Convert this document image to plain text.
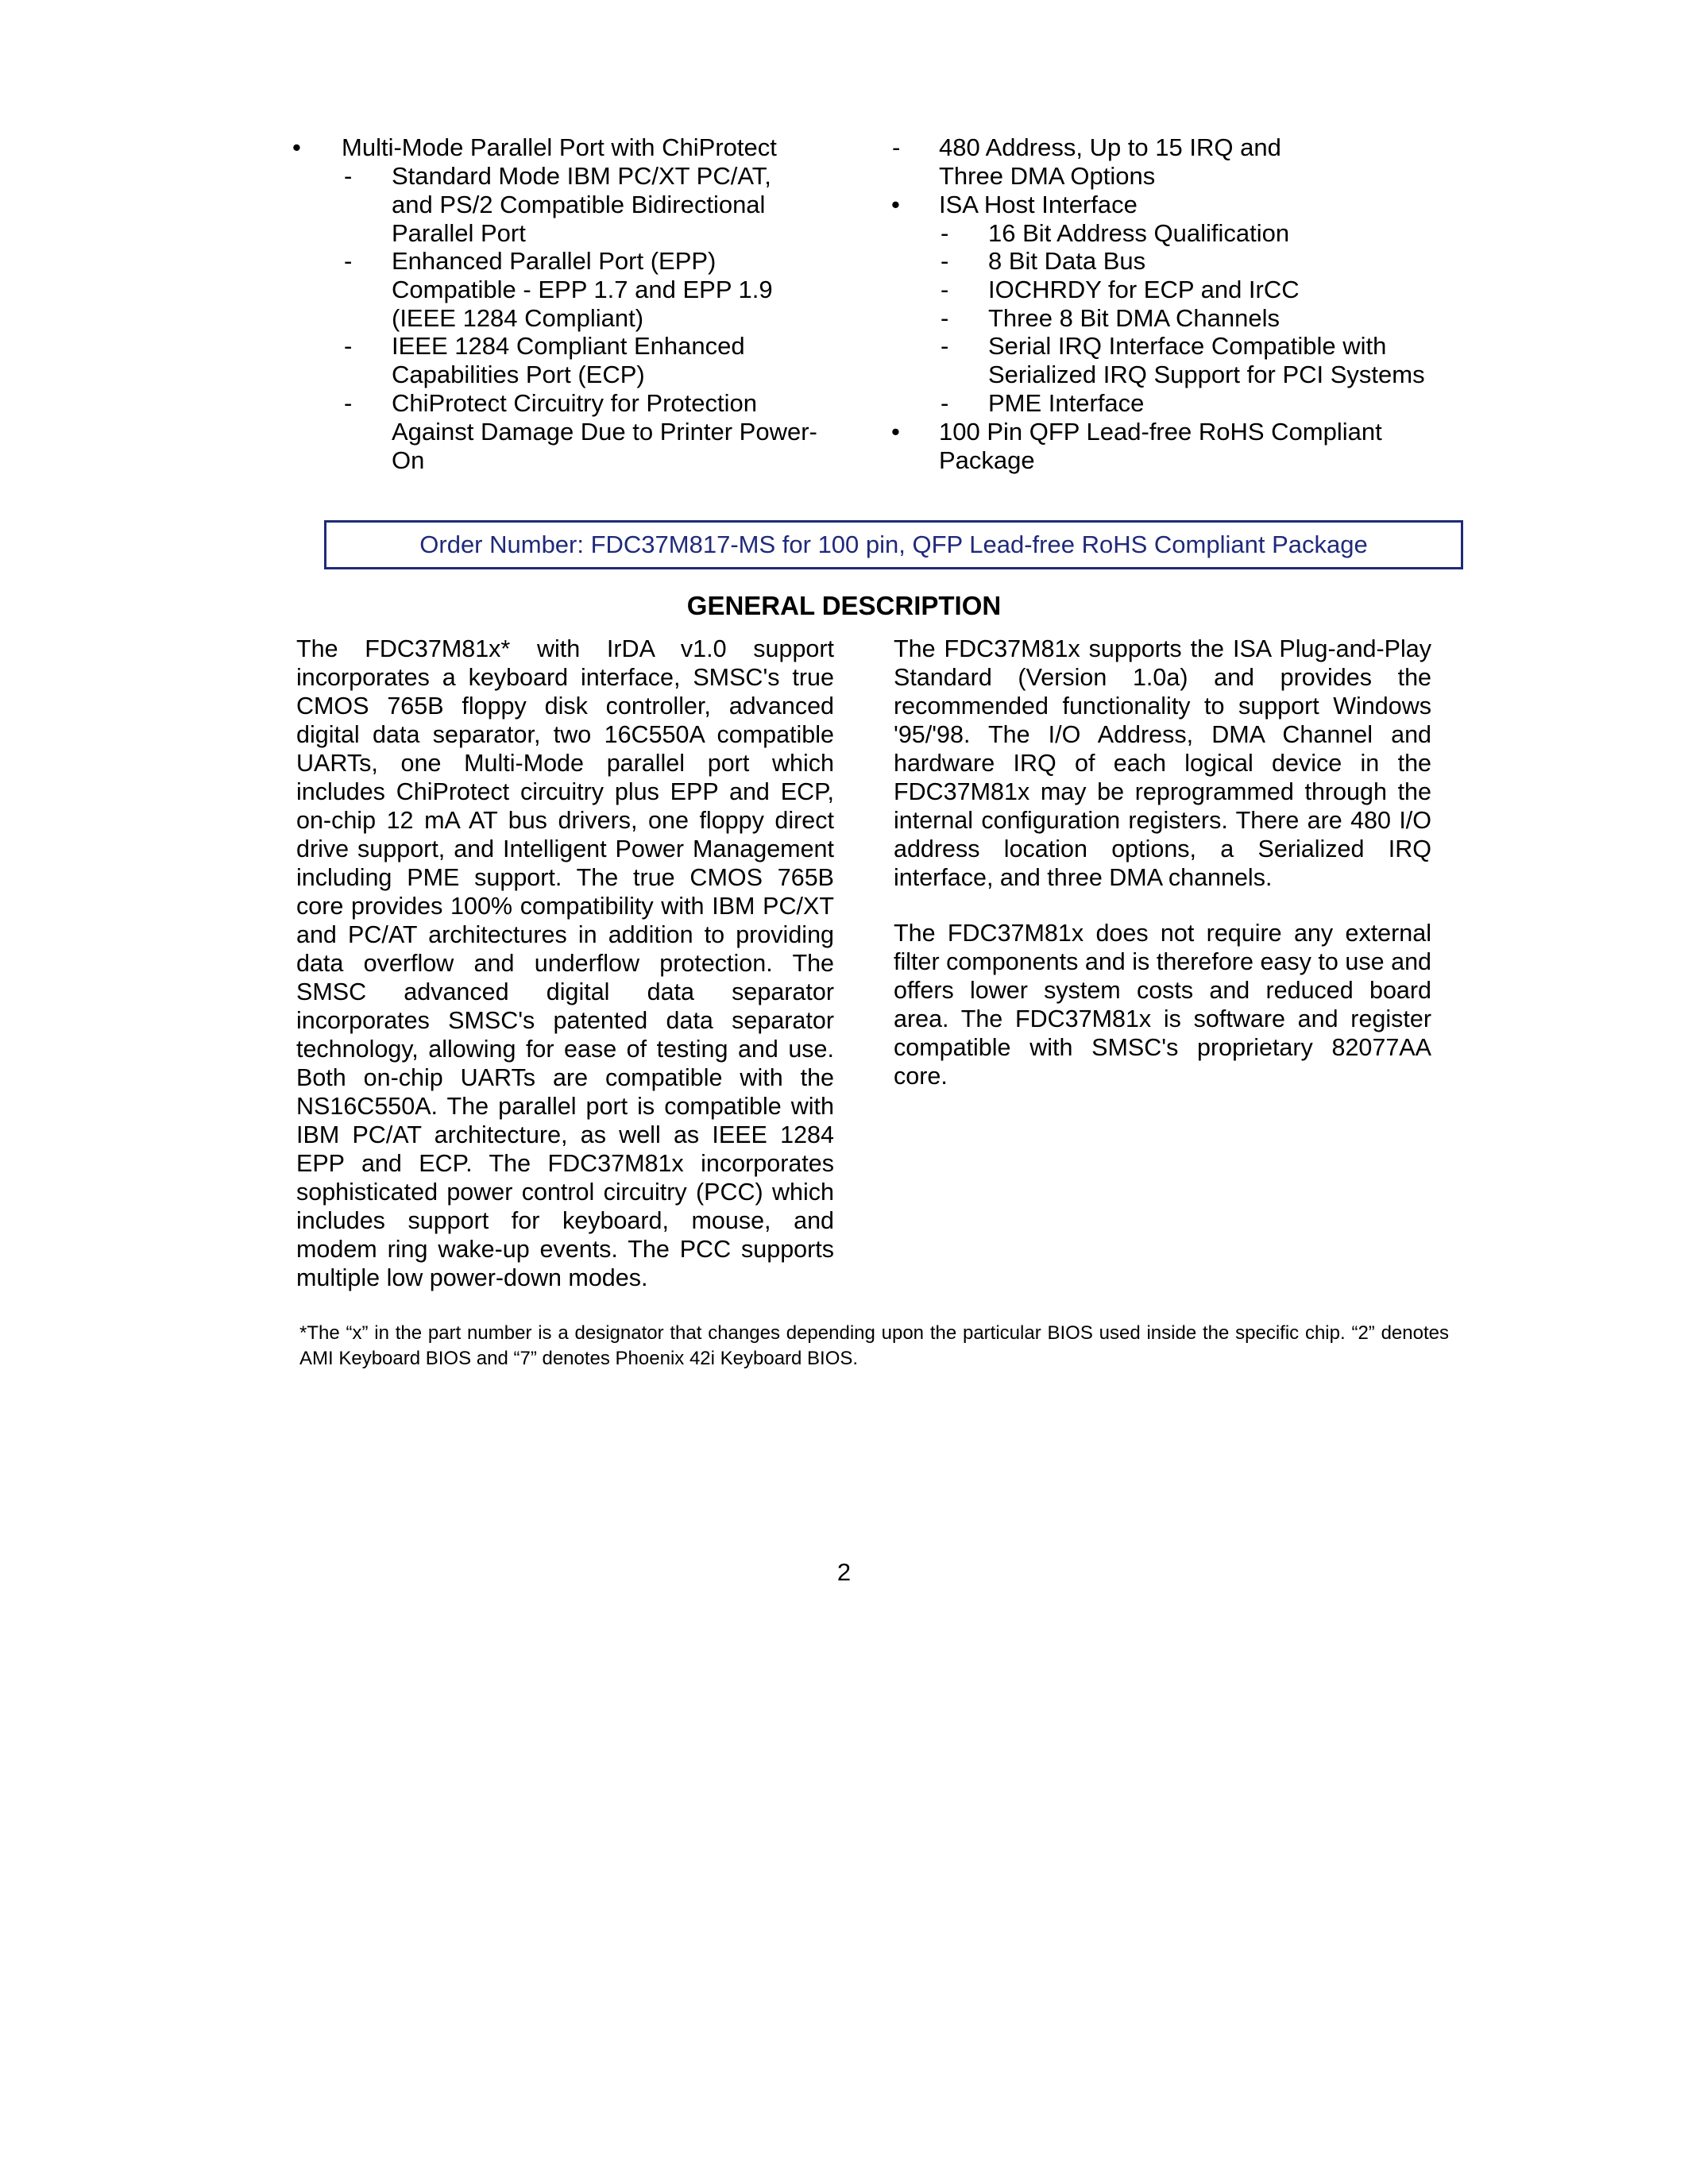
• Multi-Mode Parallel Port with ChiProtect
- Standard Mode IBM PC/XT PC/AT,
and PS/2 Compatible Bidirectional
Parallel Port
- Enhanced Parallel Port (EPP)
Compatible - EPP 1.7 and EPP 1.9
(IEEE 1284 Compliant)
- IEEE 1284 Compliant Enhanced
Capabilities Port (ECP)
- ChiProtect Circuitry for Protection
Against Damage Due to Printer Power-
On
- 480 Address, Up to 15 IRQ and
Three DMA Options
• ISA Host Interface
- 16 Bit Address Qualification
- 8 Bit Data Bus
- IOCHRDY for ECP and IrCC
- Three 8 Bit DMA Channels
- Serial IRQ Interface Compatible with
Serialized IRQ Support for PCI Systems
- PME Interface
• 100 Pin QFP Lead-free RoHS Compliant
Package
Order Number: FDC37M817-MS for 100 pin, QFP Lead-free RoHS Compliant Package
GENERAL DESCRIPTION

The FDC37M81x* with IrDA v1.0 support incorporates a keyboard interface, SMSC's true CMOS 765B floppy disk controller, advanced digital data separator, two 16C550A compatible UARTs, one Multi-Mode parallel port which includes ChiProtect circuitry plus EPP and ECP, on-chip 12 mA AT bus drivers, one floppy direct drive support, and Intelligent Power Management including PME support. The true CMOS 765B core provides 100% compatibility with IBM PC/XT and PC/AT architectures in addition to providing data overflow and underflow protection. The SMSC advanced digital data separator incorporates SMSC's patented data separator technology, allowing for ease of testing and use. Both on-chip UARTs are compatible with the NS16C550A. The parallel port is compatible with IBM PC/AT architecture, as well as IEEE 1284 EPP and ECP. The FDC37M81x incorporates sophisticated power control circuitry (PCC) which includes support for keyboard, mouse, and modem ring wake-up events. The PCC supports multiple low power-down modes.

The FDC37M81x supports the ISA Plug-and-Play Standard (Version 1.0a) and provides the recommended functionality to support Windows '95/'98. The I/O Address, DMA Channel and hardware IRQ of each logical device in the FDC37M81x may be reprogrammed through the internal configuration registers. There are 480 I/O address location options, a Serialized IRQ interface, and three DMA channels.

The FDC37M81x does not require any external filter components and is therefore easy to use and offers lower system costs and reduced board area. The FDC37M81x is software and register compatible with SMSC's proprietary 82077AA core.

*The “x” in the part number is a designator that changes depending upon the particular BIOS used inside the specific chip. “2” denotes AMI Keyboard BIOS and “7” denotes Phoenix 42i Keyboard BIOS.

2
